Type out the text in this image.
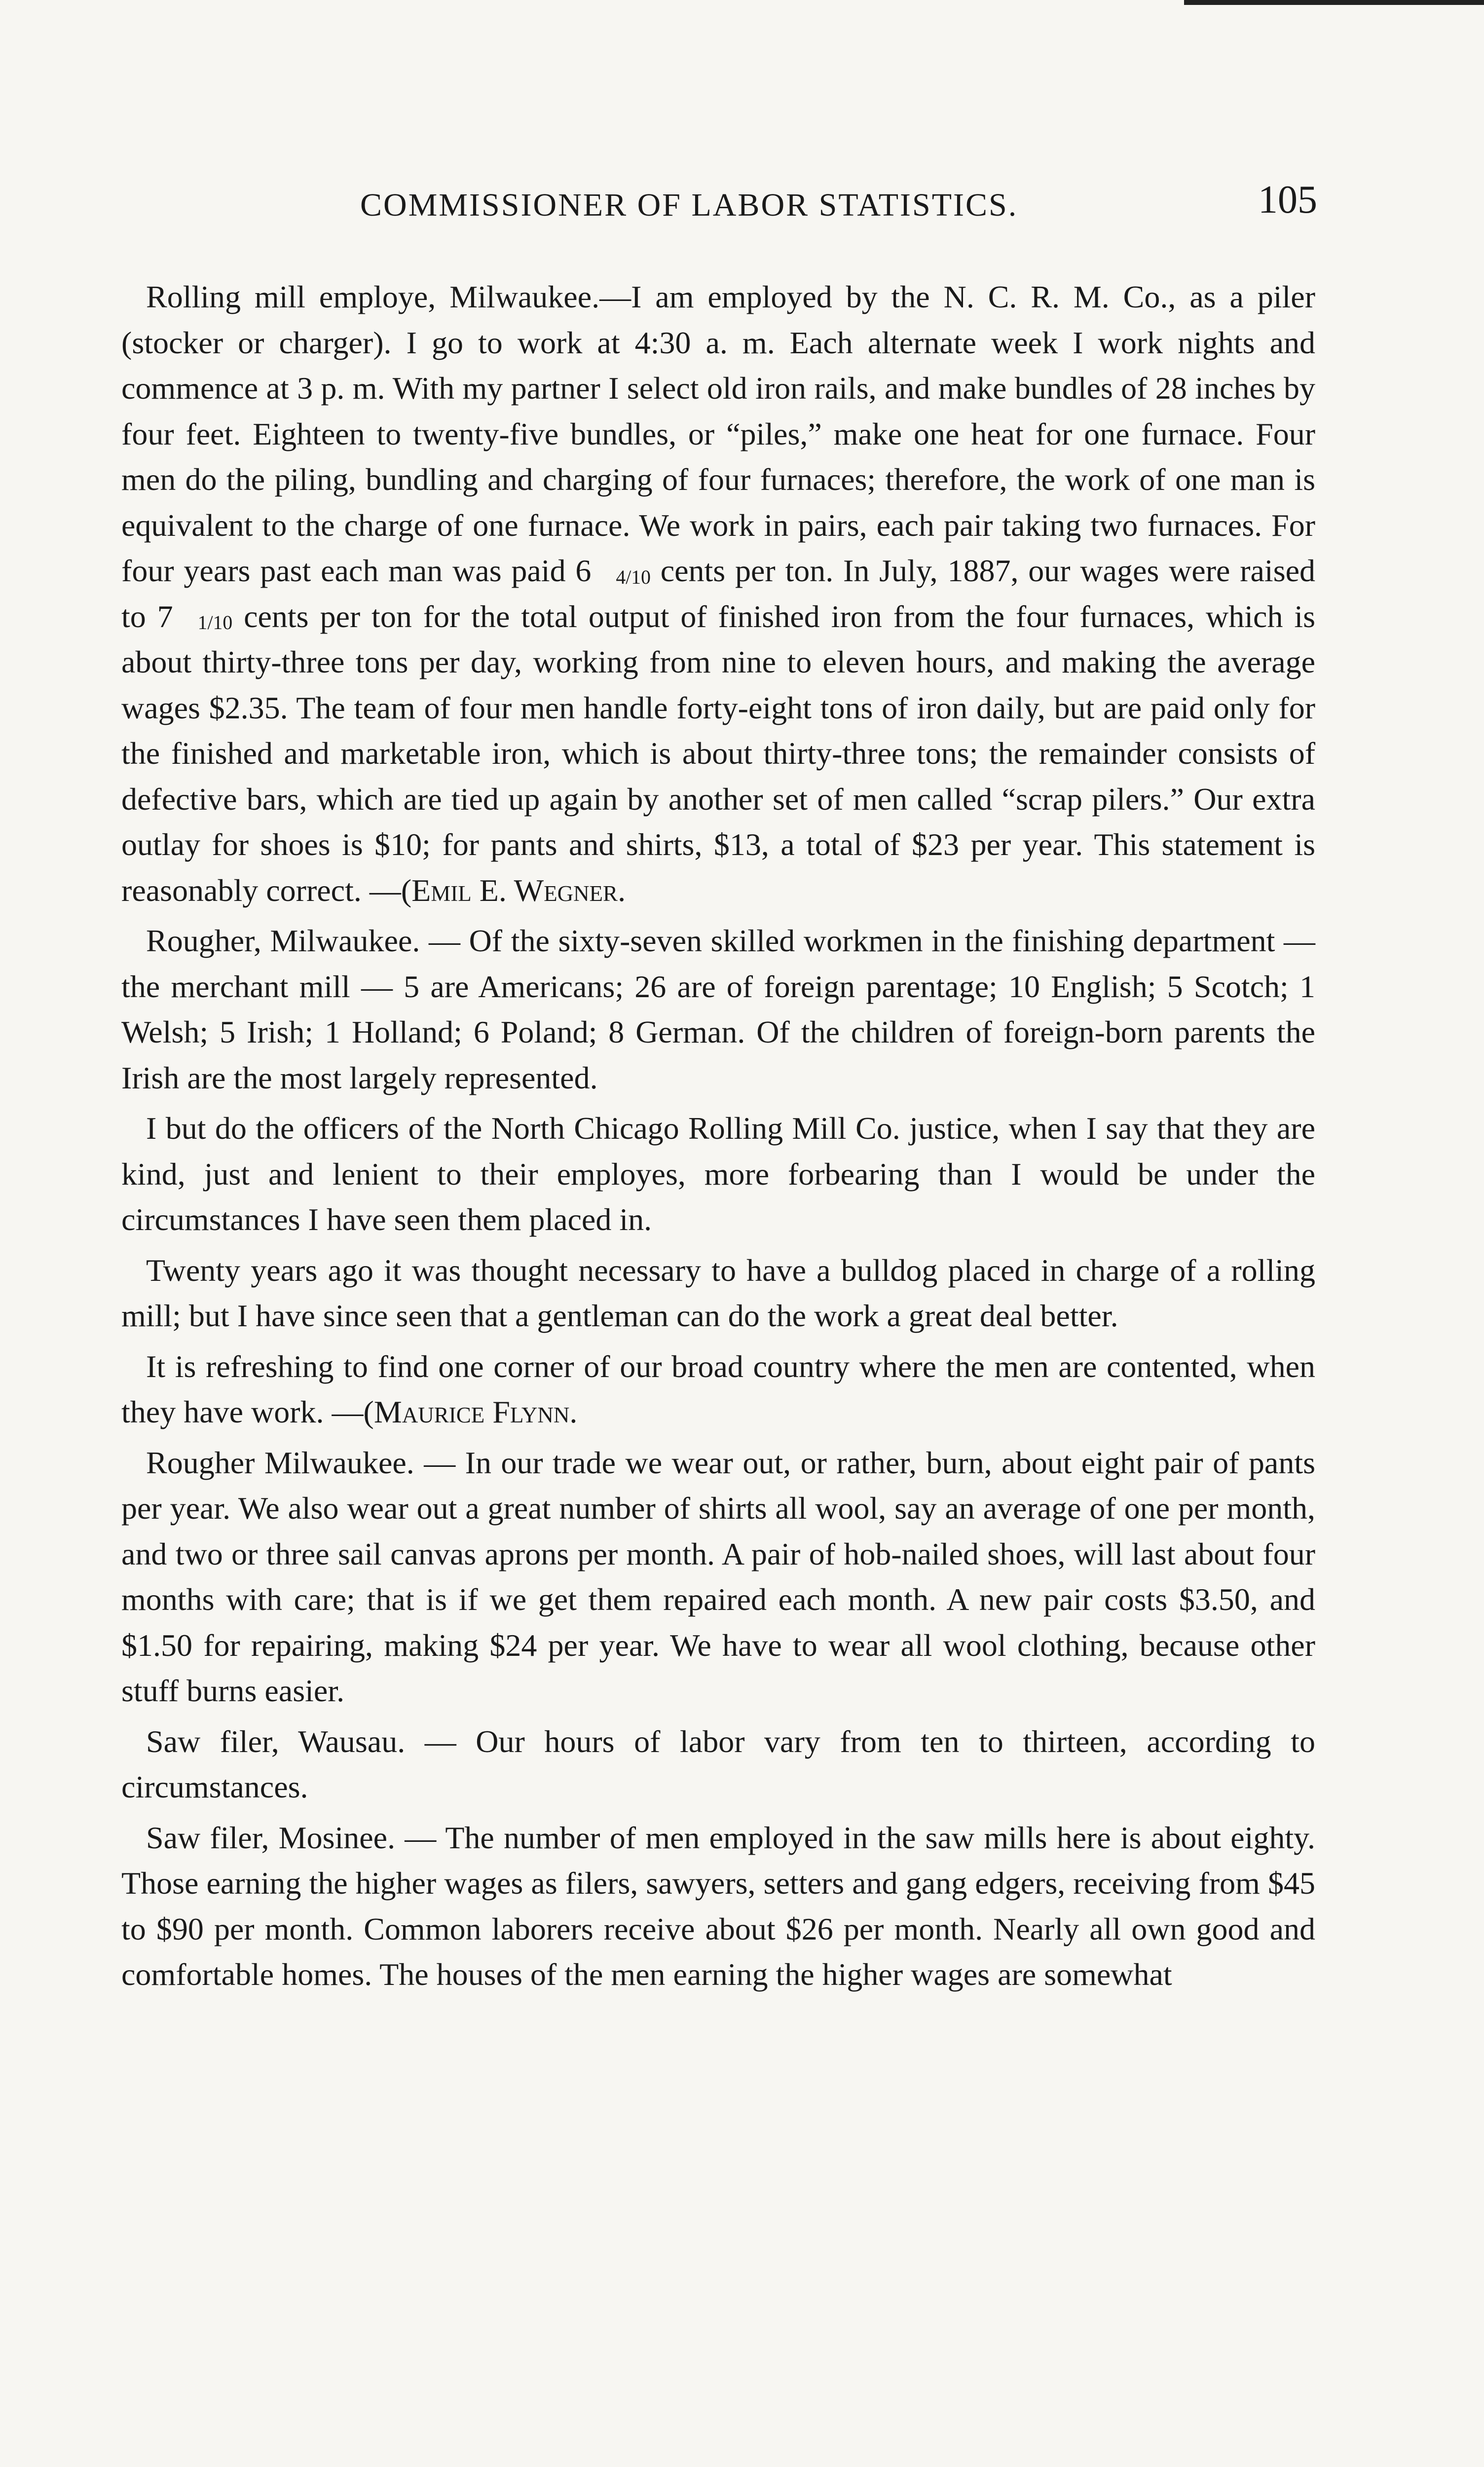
COMMISSIONER OF LABOR STATISTICS.	105

Rolling mill employe, Milwaukee.—I am employed by the N. C. R. M. Co., as a piler (stocker or charger). I go to work at 4:30 a. m. Each alternate week I work nights and commence at 3 p. m. With my partner I select old iron rails, and make bundles of 28 inches by four feet. Eighteen to twenty-five bundles, or “piles,” make one heat for one furnace. Four men do the piling, bundling and charging of four furnaces; therefore, the work of one man is equivalent to the charge of one furnace. We work in pairs, each pair taking two furnaces. For four years past each man was paid 6 4/10 cents per ton. In July, 1887, our wages were raised to 7 1/10 cents per ton for the total output of finished iron from the four furnaces, which is about thirty-three tons per day, working from nine to eleven hours, and making the average wages $2.35. The team of four men handle forty-eight tons of iron daily, but are paid only for the finished and marketable iron, which is about thirty-three tons; the remainder consists of defective bars, which are tied up again by another set of men called “scrap pilers.” Our extra outlay for shoes is $10; for pants and shirts, $13, a total of $23 per year. This statement is reasonably correct. —(Emil E. Wegner.

Rougher, Milwaukee. — Of the sixty-seven skilled workmen in the finishing department — the merchant mill — 5 are Americans; 26 are of foreign parentage; 10 English; 5 Scotch; 1 Welsh; 5 Irish; 1 Holland; 6 Poland; 8 German. Of the children of foreign-born parents the Irish are the most largely represented.

I but do the officers of the North Chicago Rolling Mill Co. justice, when I say that they are kind, just and lenient to their employes, more forbearing than I would be under the circumstances I have seen them placed in.

Twenty years ago it was thought necessary to have a bulldog placed in charge of a rolling mill; but I have since seen that a gentleman can do the work a great deal better.

It is refreshing to find one corner of our broad country where the men are contented, when they have work. —(Maurice Flynn.

Rougher Milwaukee. — In our trade we wear out, or rather, burn, about eight pair of pants per year. We also wear out a great number of shirts all wool, say an average of one per month, and two or three sail canvas aprons per month. A pair of hob-nailed shoes, will last about four months with care; that is if we get them repaired each month. A new pair costs $3.50, and $1.50 for repairing, making $24 per year. We have to wear all wool clothing, because other stuff burns easier.

Saw filer, Wausau. — Our hours of labor vary from ten to thirteen, according to circumstances.

Saw filer, Mosinee. — The number of men employed in the saw mills here is about eighty. Those earning the higher wages as filers, sawyers, setters and gang edgers, receiving from $45 to $90 per month. Common laborers receive about $26 per month. Nearly all own good and comfortable homes. The houses of the men earning the higher wages are somewhat
